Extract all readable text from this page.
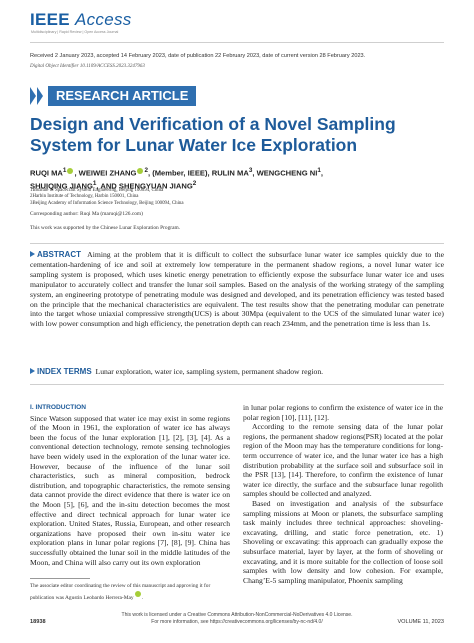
IEEE Access
Multidisciplinary | Rapid Review | Open Access Journal
Received 2 January 2023, accepted 14 February 2023, date of publication 22 February 2023, date of current version 28 February 2023.
Digital Object Identifier 10.1109/ACCESS.2023.3247963
RESEARCH ARTICLE
Design and Verification of a Novel Sampling System for Lunar Water Ice Exploration
RUQI $MA^1$ , WEIWEI ZHANG $^2$, (Member, IEEE), RULIN $MA^3$, WENGCHENG $NI^1$,
SHUIQING JIANG$^1$, AND SHENGYUAN JIANG$^2$
1Institute of Spacecraft System Engineering, Beijing 100094, China
2Harbin Institute of Technology, Harbin 150001, China
3Beijing Academy of Information Science Technology, Beijing 100094, China
Corresponding author: Ruqi Ma (maruqi@126.com)
This work was supported by the Chinese Lunar Exploration Program.
ABSTRACT Aiming at the problem that it is difficult to collect the subsurface lunar water ice samples quickly due to the cementation-hardening of ice and soil at extremely low temperature in the permanent shadow regions, a novel lunar water ice sampling system is proposed, which uses kinetic energy penetration to efficiently expose the subsurface lunar water ice and uses manipulator to accurately collect and transfer the lunar soil samples. Based on the analysis of the working strategy of the sampling system, an engineering prototype of penetrating module was designed and developed, and its penetration efficiency was tested based on the principle that the mechanical characteristics are equivalent. The test results show that the penetrating modular can penetrate into the target whose uniaxial compressive strength(UCS) is about 30Mpa (equivalent to the UCS of the simulated lunar water ice) with low power consumption and high efficiency, the penetration depth can reach 234mm, and the penetration time is less than 1s.
INDEX TERMS Lunar exploration, water ice, sampling system, permanent shadow region.
I. INTRODUCTION

Since Watson supposed that water ice may exist in some regions of the Moon in 1961, the exploration of water ice has always been the focus of the lunar exploration [1], [2], [3], [4]. As a conventional detection technology, remote sensing technologies have been widely used in the exploration of the lunar water ice. However, because of the influence of the lunar soil characteristics, such as mineral composition, bedrock distribution, and topographic characteristics, the remote sensing data cannot provide the direct evidence that there is water ice on the Moon [5], [6], and the in-situ detection becomes the most effective and direct technical approach for lunar water ice exploration. United States, Russia, European, and other research organizations have proposed their own in-situ water ice exploration plans in lunar polar regions [7], [8], [9]. China has successfully obtained the lunar soil in the middle latitudes of the Moon, and China will also carry out its own exploration

in lunar polar regions to confirm the existence of water ice in the polar region [10], [11], [12].

According to the remote sensing data of the lunar polar regions, the permanent shadow regions(PSR) located at the polar region of the Moon may has the temperature conditions for long-term occurrence of water ice, and the lunar water ice has a high distribution probability at the surface soil and subsurface soil in the PSR [13], [14]. Therefore, to confirm the existence of lunar water ice directly, the surface and the subsurface lunar regolith samples should be collected and analyzed.

Based on investigation and analysis of the subsurface sampling missions at Moon or planets, the subsurface sampling task mainly includes three technical approaches: shoveling-excavating, drilling, and static force penetration, etc. 1) Shoveling or excavating: this approach can gradually expose the subsurface material, layer by layer, at the form of shoveling or excavating, and it is more suitable for the collection of loose soil samples with low density and low cohesion. For example, Chang’E-5 sampling manipulator, Phoenix sampling

The associate editor coordinating the review of this manuscript and approving it for publication was Agustin Leobardo Herrera-May .
This work is licensed under a Creative Commons Attribution-NonCommercial-NoDerivatives 4.0 License.
For more information, see https://creativecommons.org/licenses/by-nc-nd/4.0/
18938	VOLUME 11, 2023
